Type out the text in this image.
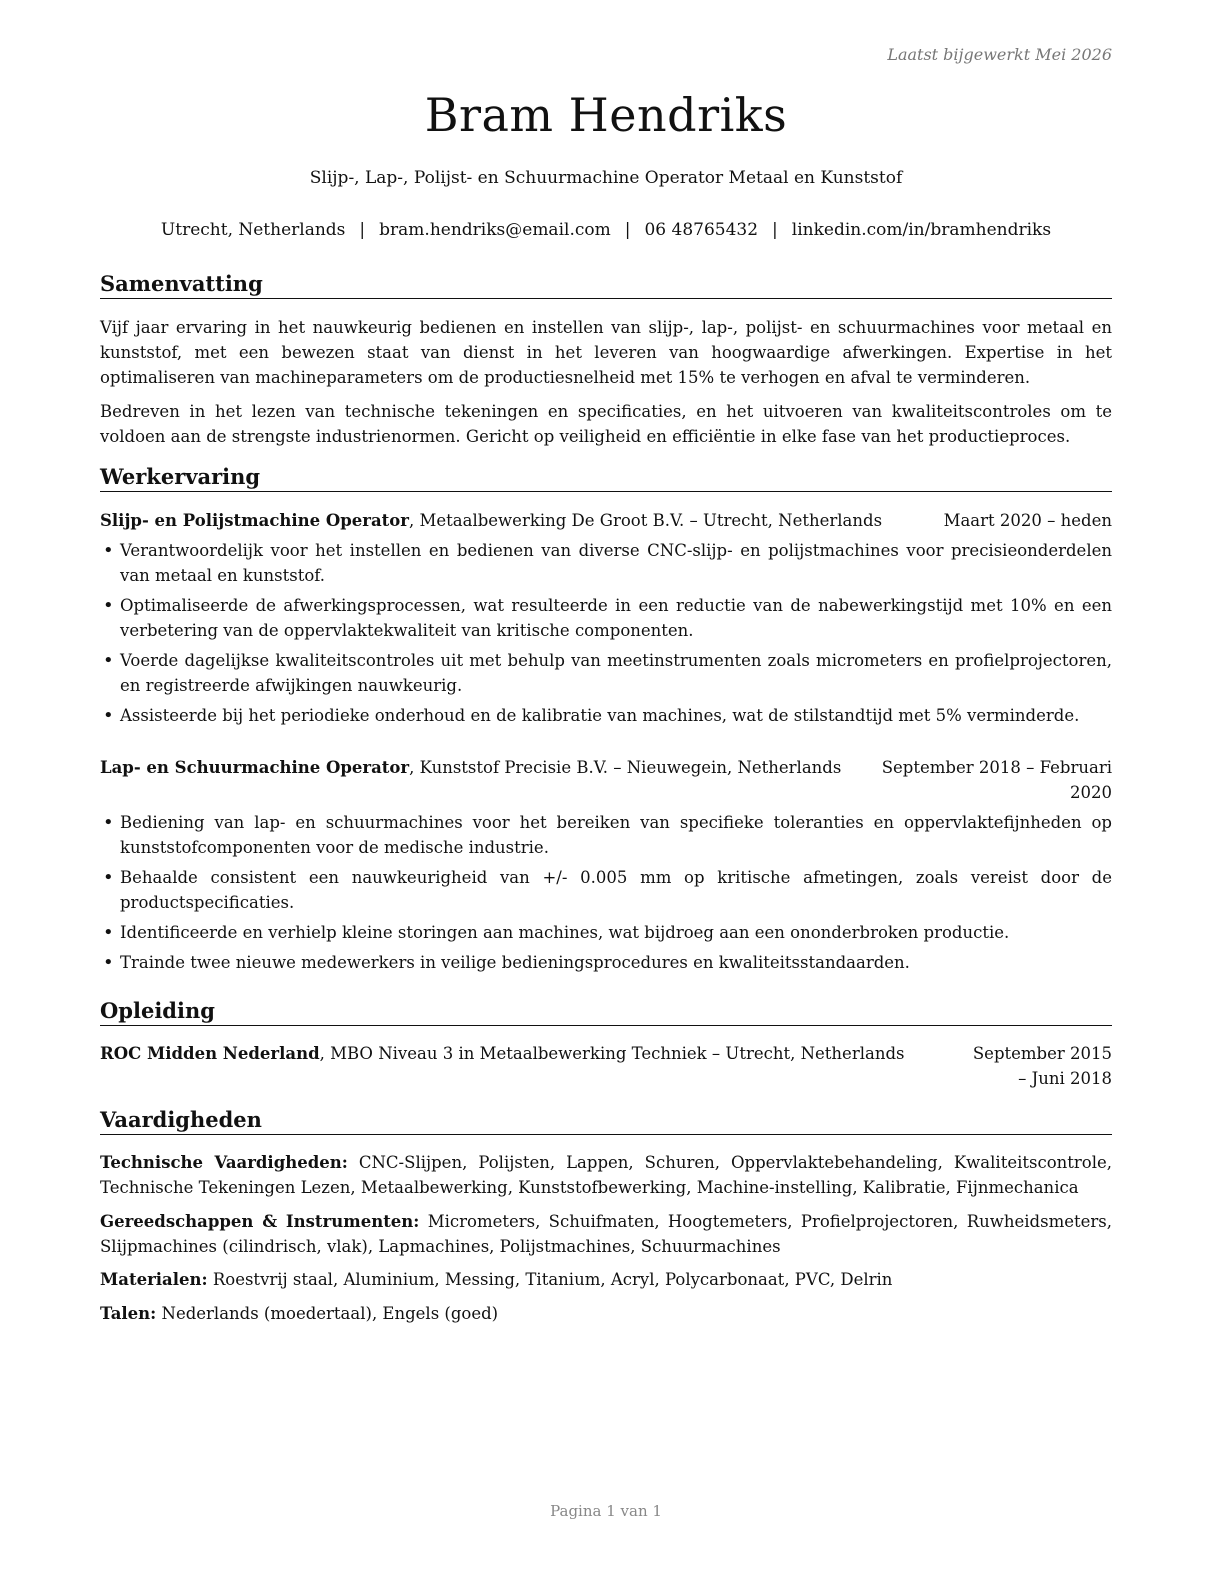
Laatst bijgewerkt Mei 2026
Bram Hendriks
Slijp-, Lap-, Polijst- en Schuurmachine Operator Metaal en Kunststof
Utrecht, Netherlands | bram.hendriks@email.com | 06 48765432 | linkedin.com/in/bramhendriks
Samenvatting
Vijf jaar ervaring in het nauwkeurig bedienen en instellen van slijp-, lap-, polijst- en schuurmachines voor metaal en kunststof, met een bewezen staat van dienst in het leveren van hoogwaardige afwerkingen. Expertise in het optimaliseren van machineparameters om de productiesnelheid met 15% te verhogen en afval te verminderen.
Bedreven in het lezen van technische tekeningen en specificaties, en het uitvoeren van kwaliteitscontroles om te voldoen aan de strengste industrienormen. Gericht op veiligheid en efficiëntie in elke fase van het productieproces.
Werkervaring
Slijp- en Polijstmachine Operator, Metaalbewerking De Groot B.V. – Utrecht, Netherlands	Maart 2020 – heden
• Verantwoordelijk voor het instellen en bedienen van diverse CNC-slijp- en polijstmachines voor precisieonderdelen van metaal en kunststof.
• Optimaliseerde de afwerkingsprocessen, wat resulteerde in een reductie van de nabewerkingstijd met 10% en een verbetering van de oppervlaktekwaliteit van kritische componenten.
• Voerde dagelijkse kwaliteitscontroles uit met behulp van meetinstrumenten zoals micrometers en profielprojectoren, en registreerde afwijkingen nauwkeurig.
• Assisteerde bij het periodieke onderhoud en de kalibratie van machines, wat de stilstandtijd met 5% verminderde.
Lap- en Schuurmachine Operator, Kunststof Precisie B.V. – Nieuwegein, Netherlands	September 2018 – Februari 2020
• Bediening van lap- en schuurmachines voor het bereiken van specifieke toleranties en oppervlaktefijnheden op kunststofcomponenten voor de medische industrie.
• Behaalde consistent een nauwkeurigheid van +/- 0.005 mm op kritische afmetingen, zoals vereist door de productspecificaties.
• Identificeerde en verhielp kleine storingen aan machines, wat bijdroeg aan een ononderbroken productie.
• Trainde twee nieuwe medewerkers in veilige bedieningsprocedures en kwaliteitsstandaarden.
Opleiding
ROC Midden Nederland, MBO Niveau 3 in Metaalbewerking Techniek – Utrecht, Netherlands	September 2015 – Juni 2018
Vaardigheden
Technische Vaardigheden: CNC-Slijpen, Polijsten, Lappen, Schuren, Oppervlaktebehandeling, Kwaliteitscontrole, Technische Tekeningen Lezen, Metaalbewerking, Kunststofbewerking, Machine-instelling, Kalibratie, Fijnmechanica
Gereedschappen & Instrumenten: Micrometers, Schuifmaten, Hoogtemeters, Profielprojectoren, Ruwheidsmeters, Slijpmachines (cilindrisch, vlak), Lapmachines, Polijstmachines, Schuurmachines
Materialen: Roestvrij staal, Aluminium, Messing, Titanium, Acryl, Polycarbonaat, PVC, Delrin
Talen: Nederlands (moedertaal), Engels (goed)
Pagina 1 van 1
